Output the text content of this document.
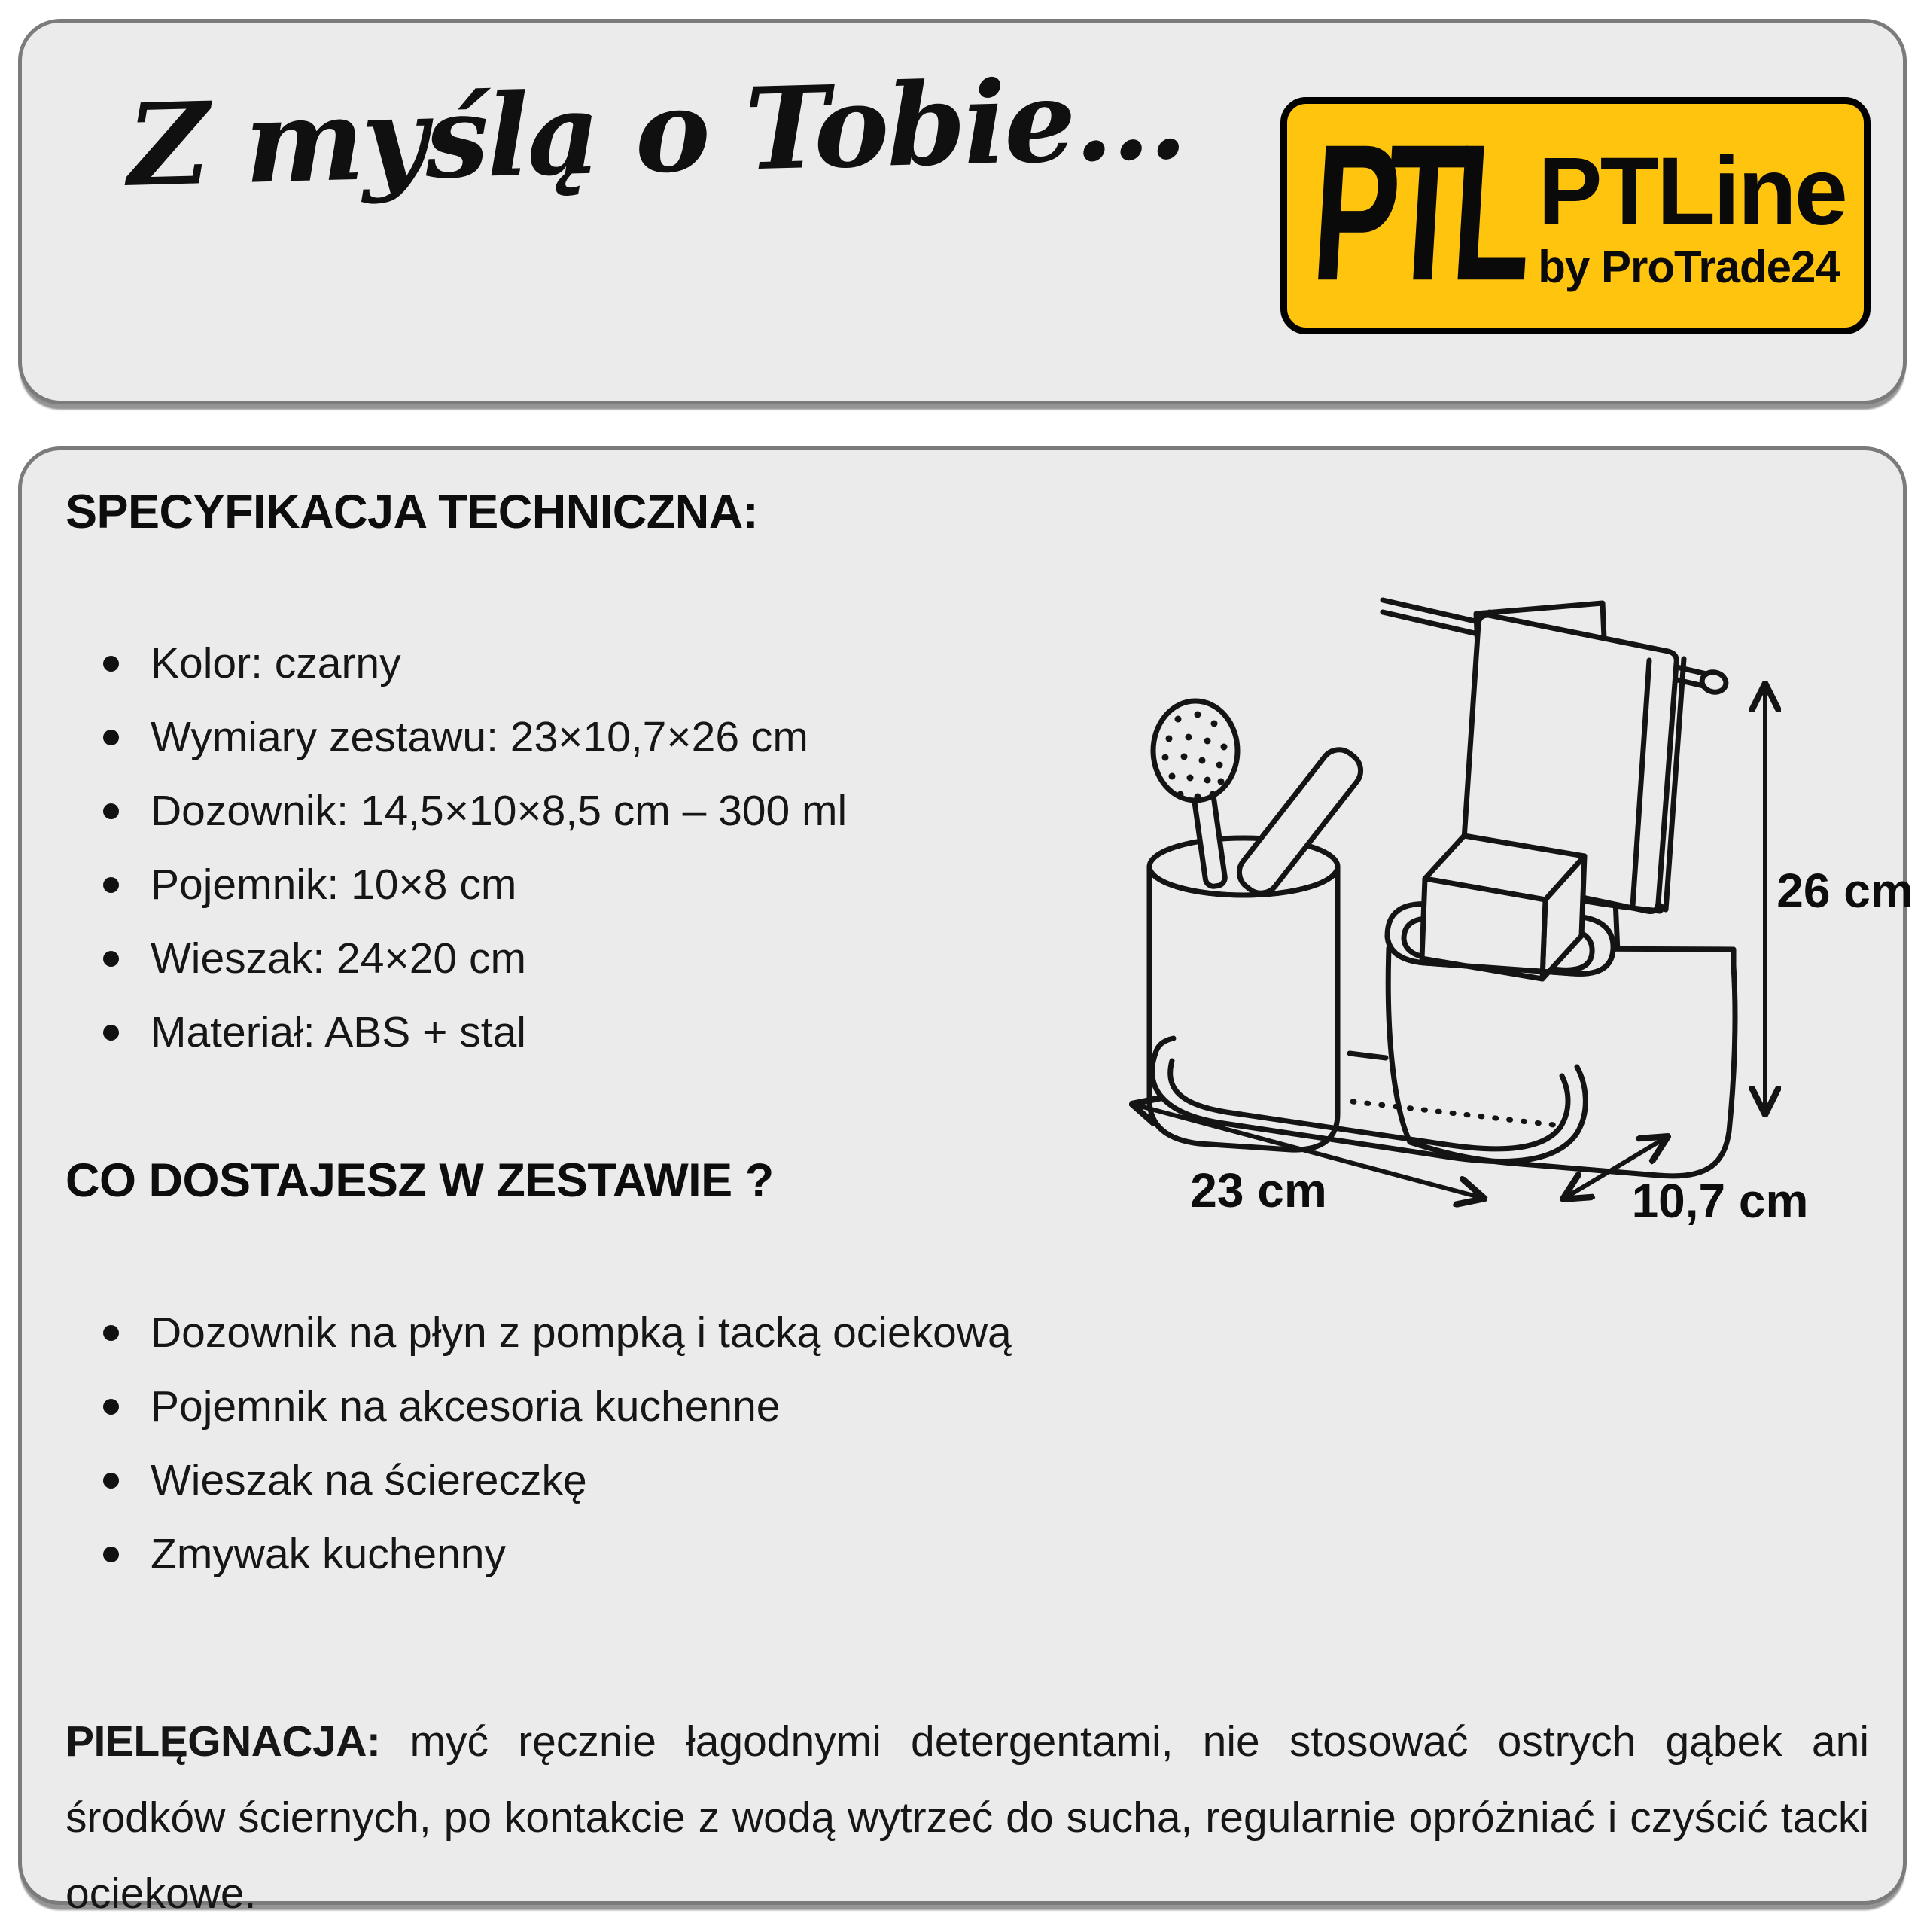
Z myślą o Tobie... PTL PTLine
by ProTrade24
SPECYFIKACJA TECHNICZNA:
Kolor: czarny
Wymiary zestawu: 23×10,7×26 cm
Dozownik: 14,5×10×8,5 cm – 300 ml
Pojemnik: 10×8 cm
Wieszak: 24×20 cm
Materiał: ABS + stal
26 cm
23 cm	10,7 cm
CO DOSTAJESZ W ZESTAWIE ?
Dozownik na płyn z pompką i tacką ociekową
Pojemnik na akcesoria kuchenne
Wieszak na ściereczkę
Zmywak kuchenny

PIELĘGNACJA: myć ręcznie łagodnymi detergentami, nie stosować ostrych gąbek ani środków ściernych, po kontakcie z wodą wytrzeć do sucha, regularnie opróżniać i czyścić tacki ociekowe.
